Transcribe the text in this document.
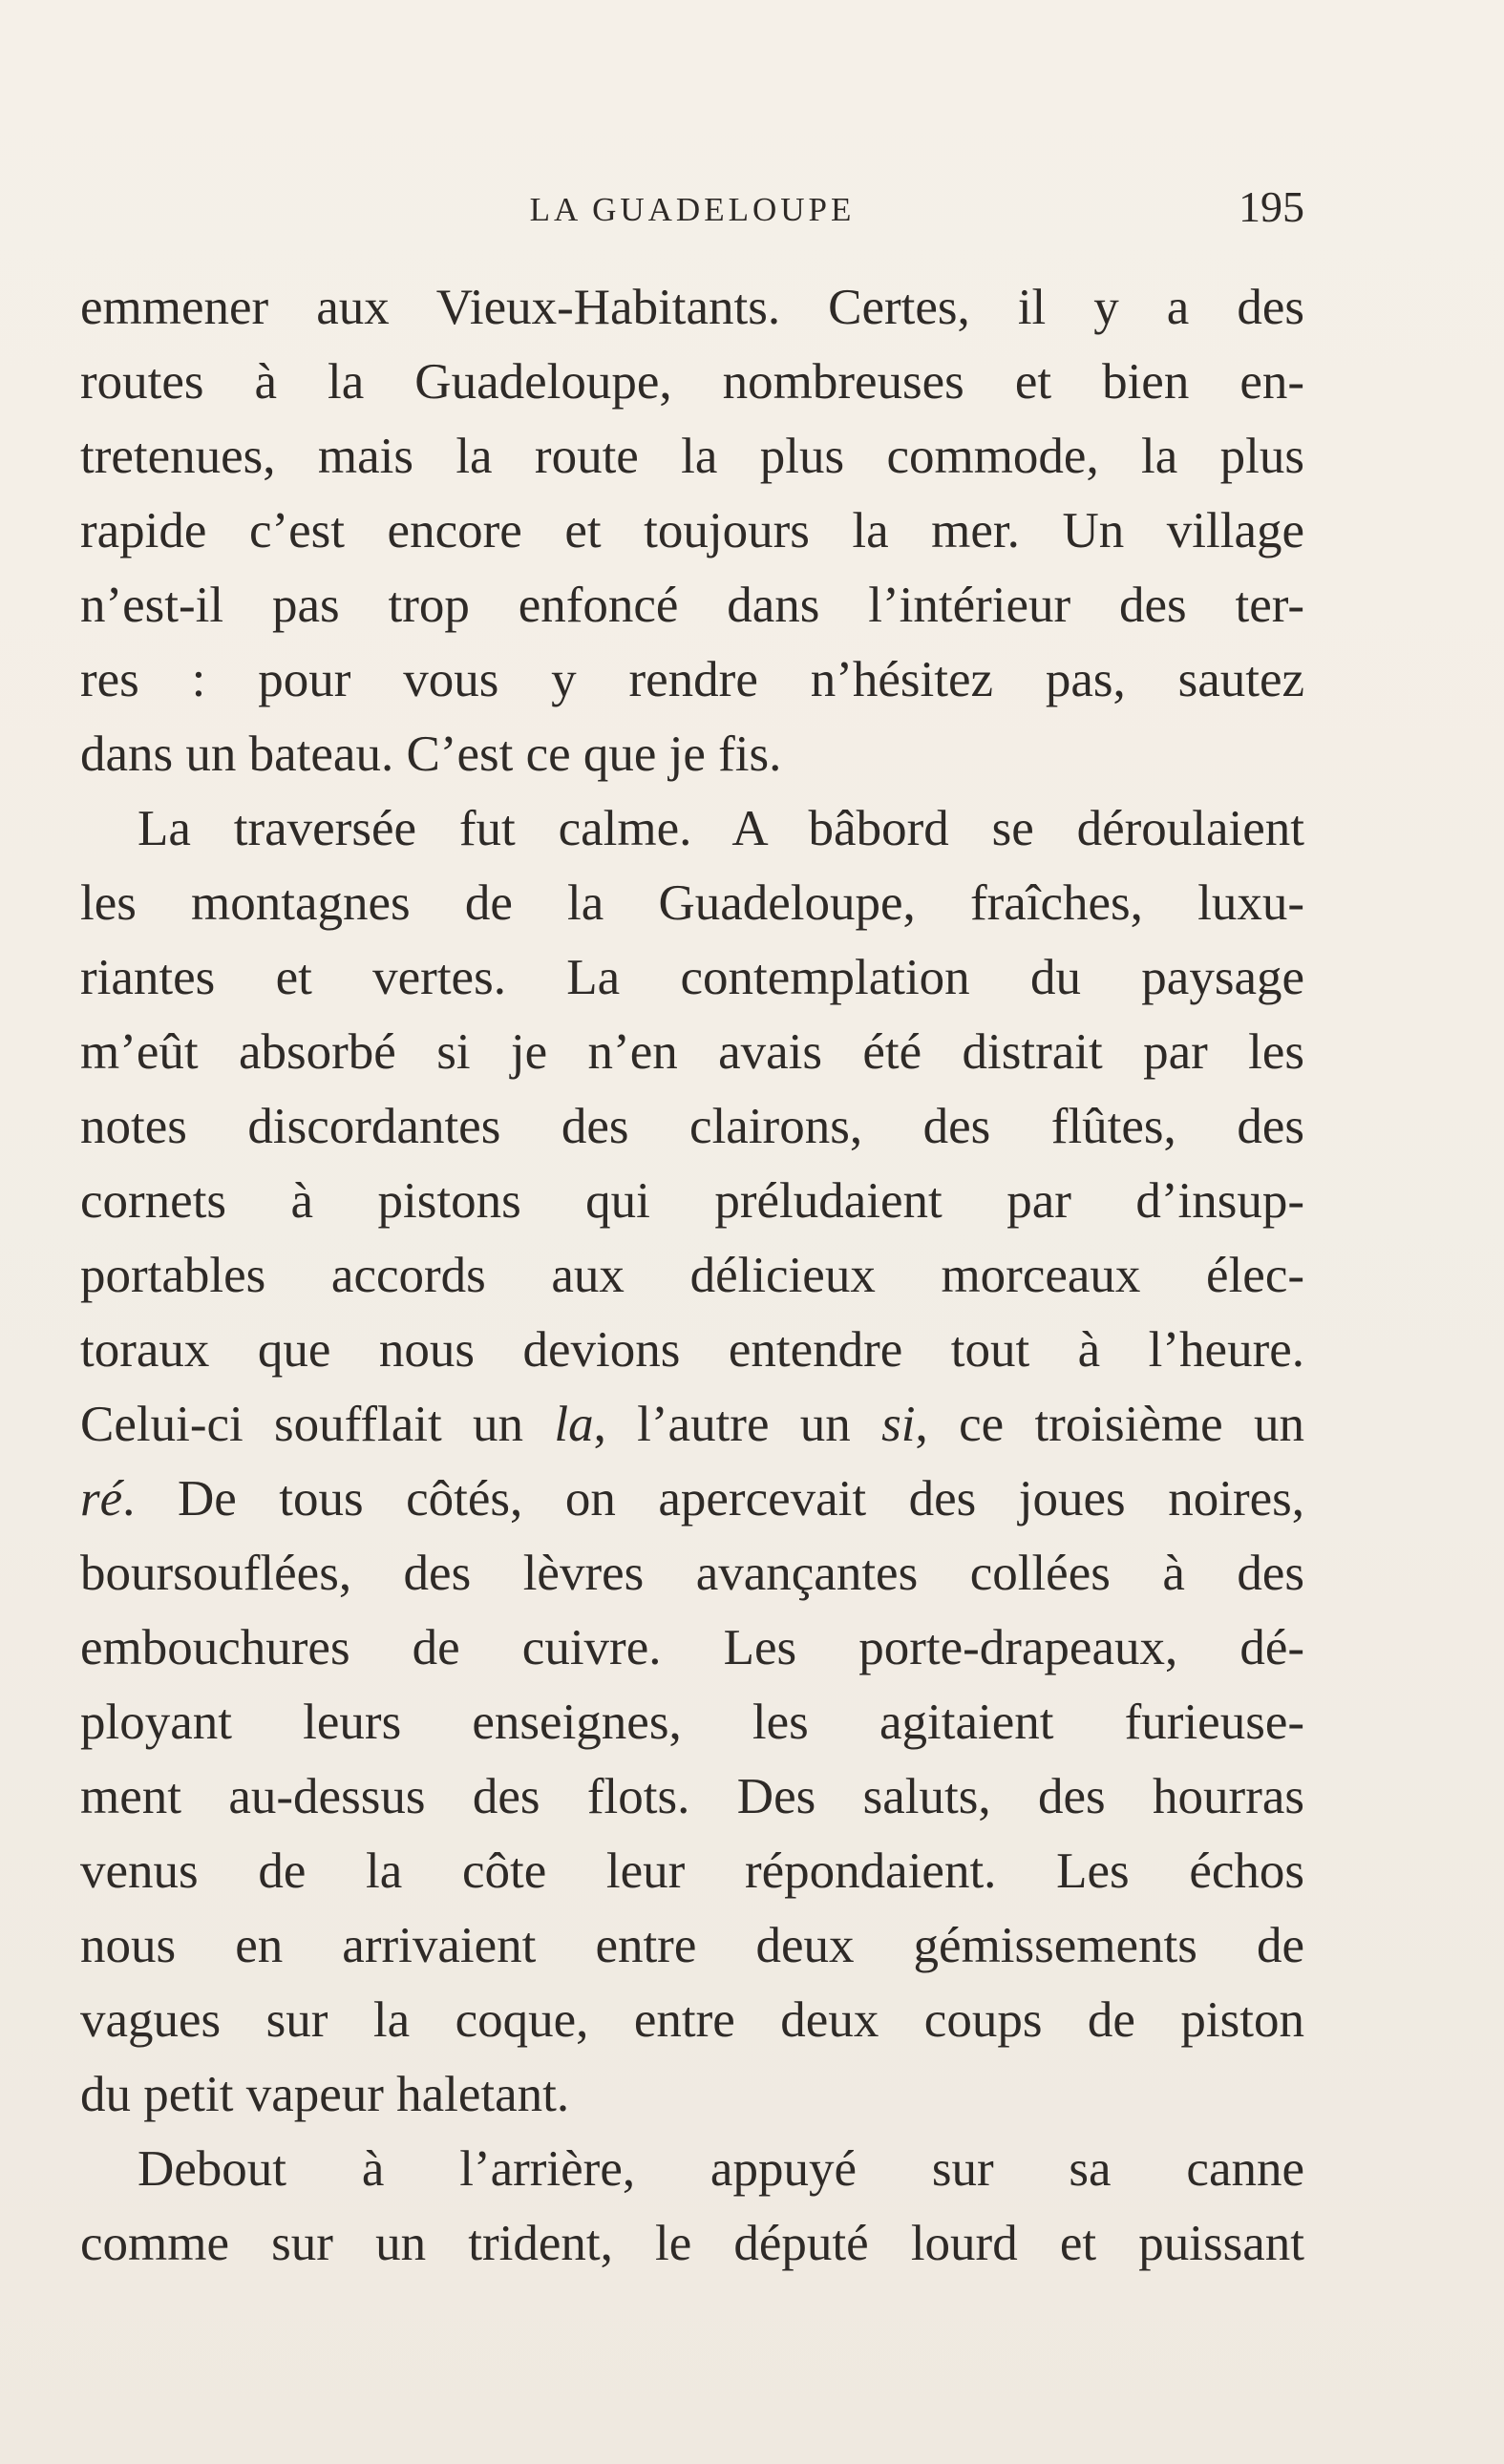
LA GUADELOUPE	195
emmener aux Vieux-Habitants. Certes, il y a des
routes à la Guadeloupe, nombreuses et bien en-
tretenues, mais la route la plus commode, la plus
rapide c’est encore et toujours la mer. Un village
n’est-il pas trop enfoncé dans l’intérieur des ter-
res : pour vous y rendre n’hésitez pas, sautez
dans un bateau. C’est ce que je fis.
La traversée fut calme. A bâbord se déroulaient
les montagnes de la Guadeloupe, fraîches, luxu-
riantes et vertes. La contemplation du paysage
m’eût absorbé si je n’en avais été distrait par les
notes discordantes des clairons, des flûtes, des
cornets à pistons qui préludaient par d’insup-
portables accords aux délicieux morceaux élec-
toraux que nous devions entendre tout à l’heure.
Celui-ci soufflait un la, l’autre un si, ce troisième un
ré. De tous côtés, on apercevait des joues noires,
boursouflées, des lèvres avançantes collées à des
embouchures de cuivre. Les porte-drapeaux, dé-
ployant leurs enseignes, les agitaient furieuse-
ment au-dessus des flots. Des saluts, des hourras
venus de la côte leur répondaient. Les échos
nous en arrivaient entre deux gémissements de
vagues sur la coque, entre deux coups de piston
du petit vapeur haletant.
Debout à l’arrière, appuyé sur sa canne
comme sur un trident, le député lourd et puissant
